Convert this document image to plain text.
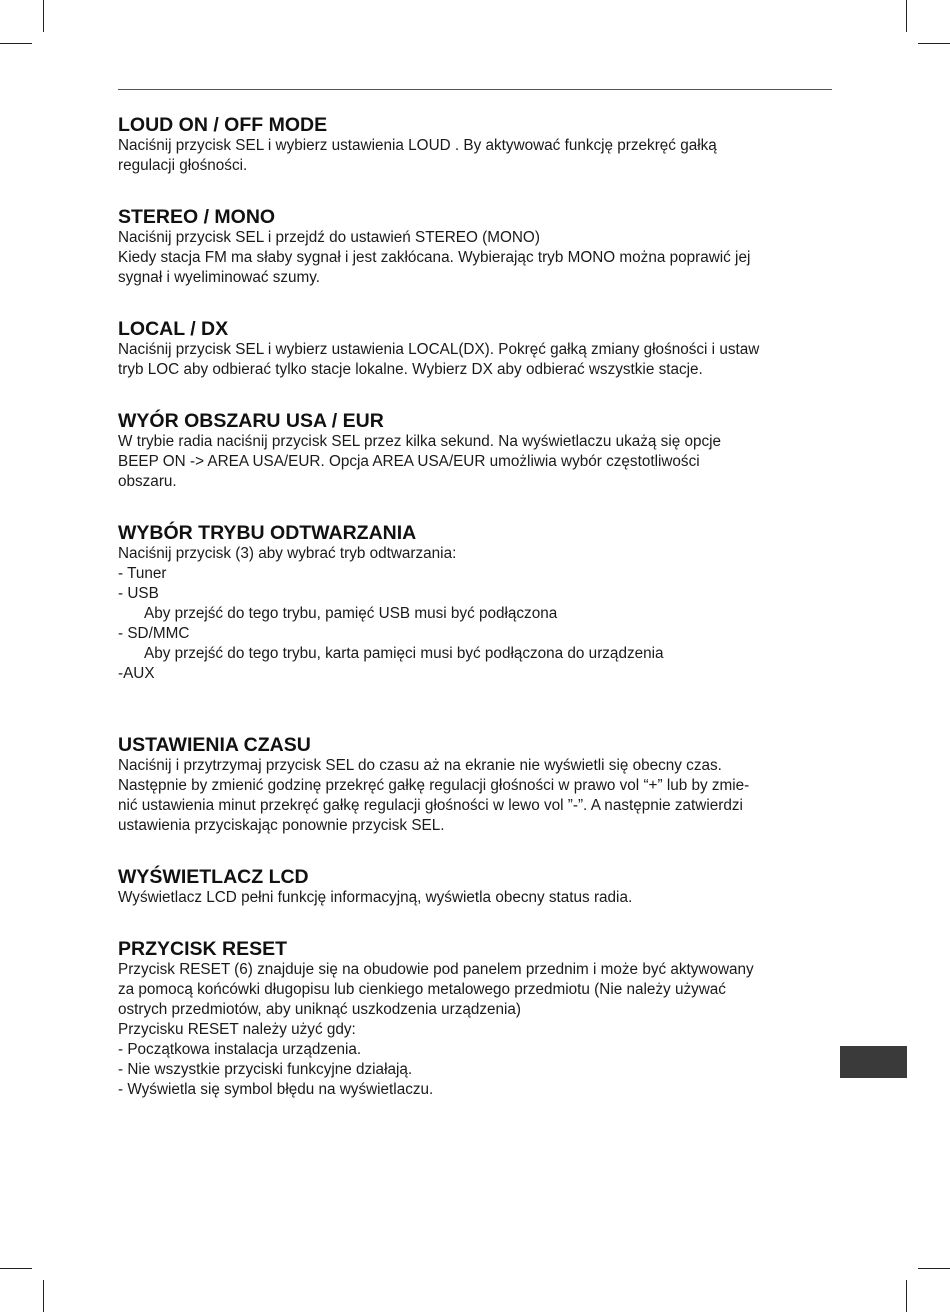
LOUD ON / OFF MODE

Naciśnij przycisk SEL i wybierz ustawienia LOUD . By aktywować funkcję przekręć gałką

regulacji głośności.

STEREO / MONO

Naciśnij przycisk SEL i przejdź do ustawień STEREO (MONO)

Kiedy stacja FM ma słaby sygnał i jest zakłócana. Wybierając tryb MONO można poprawić jej

sygnał i wyeliminować szumy.

LOCAL / DX

Naciśnij przycisk SEL i wybierz ustawienia LOCAL(DX). Pokręć gałką zmiany głośności i ustaw

tryb LOC aby odbierać tylko stacje lokalne. Wybierz DX aby odbierać wszystkie stacje.

WYÓR OBSZARU USA / EUR

W trybie radia naciśnij przycisk SEL przez kilka sekund. Na wyświetlaczu ukażą się opcje

BEEP ON -> AREA USA/EUR. Opcja AREA USA/EUR umożliwia wybór częstotliwości

obszaru.

WYBÓR TRYBU ODTWARZANIA

Naciśnij przycisk (3) aby wybrać tryb odtwarzania:

- Tuner

- USB

Aby przejść do tego trybu, pamięć USB musi być podłączona

- SD/MMC

Aby przejść do tego trybu, karta pamięci musi być podłączona do urządzenia

-AUX

USTAWIENIA CZASU

Naciśnij i przytrzymaj przycisk SEL do czasu aż na ekranie nie wyświetli się obecny czas.

Następnie by zmienić godzinę przekręć gałkę regulacji głośności w prawo vol “+” lub by zmie-

nić ustawienia minut przekręć gałkę regulacji głośności w lewo vol ”-”. A następnie zatwierdzi

ustawienia przyciskając ponownie przycisk SEL.

WYŚWIETLACZ LCD

Wyświetlacz LCD pełni funkcję informacyjną, wyświetla obecny status radia.

PRZYCISK RESET

Przycisk RESET (6) znajduje się na obudowie pod panelem przednim i może być aktywowany

za pomocą końcówki długopisu lub cienkiego metalowego przedmiotu (Nie należy używać

ostrych przedmiotów, aby uniknąć uszkodzenia urządzenia)

Przycisku RESET należy użyć gdy:

- Początkowa instalacja urządzenia.

- Nie wszystkie przyciski funkcyjne działają.

- Wyświetla się symbol błędu na wyświetlaczu.
